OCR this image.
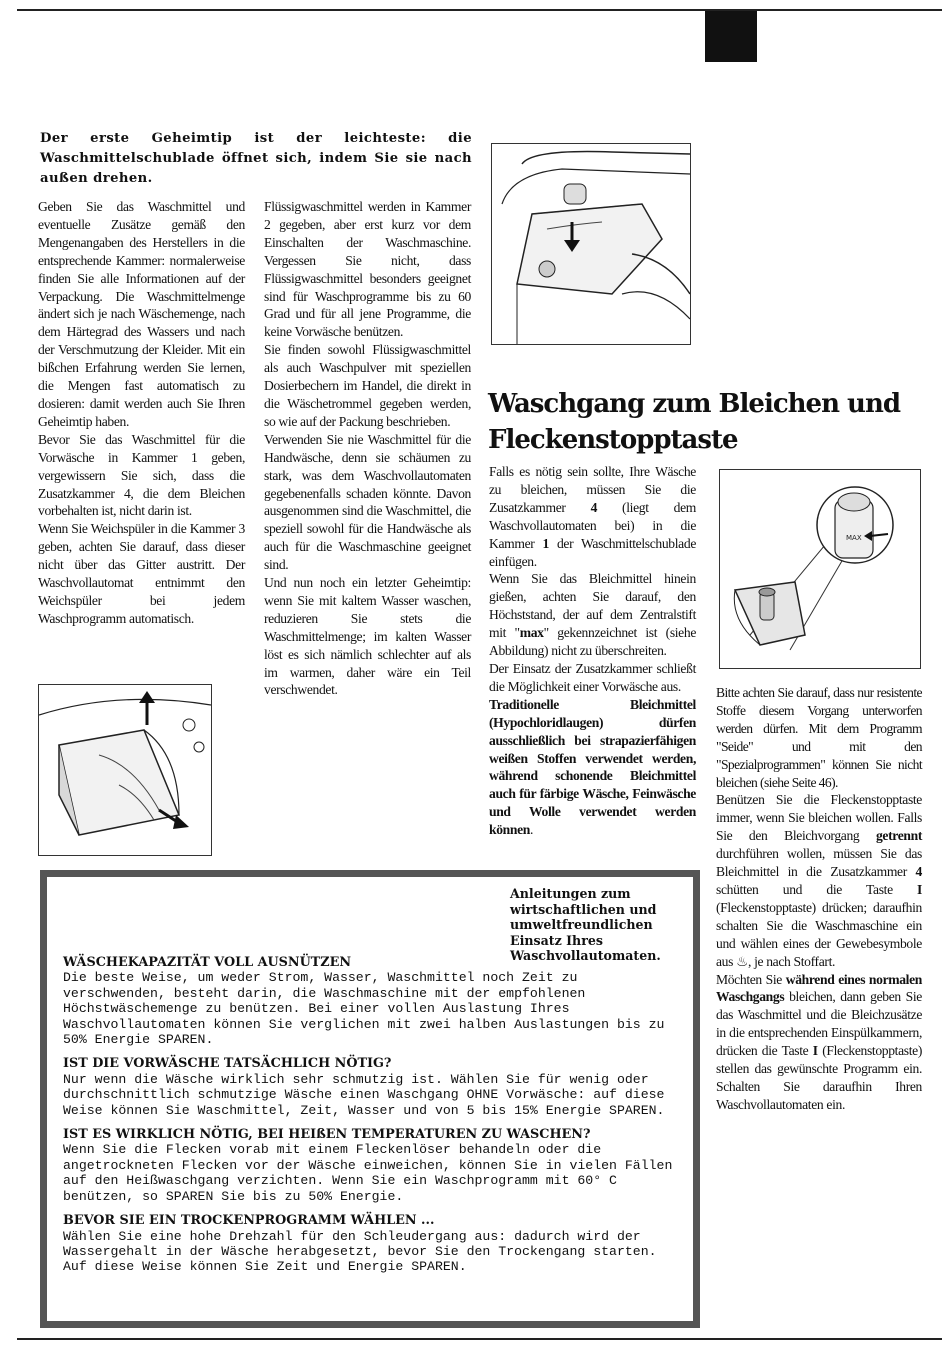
Der erste Geheimtip ist der leichteste: die Waschmittelschublade öffnet sich, indem Sie sie nach außen drehen.

Geben Sie das Waschmittel und eventuelle Zusätze gemäß den Mengenangaben des Herstellers in die entsprechende Kammer: normalerweise finden Sie alle Informationen auf der Verpackung. Die Waschmittelmenge ändert sich je nach Wäschemenge, nach dem Härtegrad des Wassers und nach der Verschmutzung der Kleider. Mit ein bißchen Erfahrung werden Sie lernen, die Mengen fast automatisch zu dosieren: damit werden auch Sie Ihren Geheimtip haben.

Bevor Sie das Waschmittel für die Vorwäsche in Kammer 1 geben, vergewissern Sie sich, dass die Zusatzkammer 4, die dem Bleichen vorbehalten ist, nicht darin ist.

Wenn Sie Weichspüler in die Kammer 3 geben, achten Sie darauf, dass dieser nicht über das Gitter austritt. Der Waschvollautomat entnimmt den Weichspüler bei jedem Waschprogramm automatisch.

Flüssigwaschmittel werden in Kammer 2 gegeben, aber erst kurz vor dem Einschalten der Waschmaschine. Vergessen Sie nicht, dass Flüssigwaschmittel besonders geeignet sind für Waschprogramme bis zu 60 Grad und für all jene Programme, die keine Vorwäsche benützen.

Sie finden sowohl Flüssigwaschmittel als auch Waschpulver mit speziellen Dosierbechern im Handel, die direkt in die Wäschetrommel gegeben werden, so wie auf der Packung beschrieben.

Verwenden Sie nie Waschmittel für die Handwäsche, denn sie schäumen zu stark, was dem Waschvollautomaten gegebenenfalls schaden könnte. Davon ausgenommen sind die Waschmittel, die speziell sowohl für die Handwäsche als auch für die Waschmaschine geeignet sind.

Und nun noch ein letzter Geheimtip: wenn Sie mit kaltem Wasser waschen, reduzieren Sie stets die Waschmittelmenge; im kalten Wasser löst es sich nämlich schlechter auf als im warmen, daher wäre ein Teil verschwendet.

Waschgang zum Bleichen und Fleckenstopptaste

Falls es nötig sein sollte, Ihre Wäsche zu bleichen, müssen Sie die Zusatzkammer 4 (liegt dem Waschvollautomaten bei) in die Kammer 1 der Waschmittelschublade einfügen.

Wenn Sie das Bleichmittel hinein gießen, achten Sie darauf, den Höchststand, der auf dem Zentralstift mit "max" gekennzeichnet ist (siehe Abbildung) nicht zu überschreiten.

Der Einsatz der Zusatzkammer schließt die Möglichkeit einer Vorwäsche aus.

Traditionelle Bleichmittel (Hypochloridlaugen) dürfen ausschließlich bei strapazierfähigen weißen Stoffen verwendet werden, während schonende Bleichmittel auch für färbige Wäsche, Feinwäsche und Wolle verwendet werden können.

MAX

Bitte achten Sie darauf, dass nur resistente Stoffe diesem Vorgang unterworfen werden dürfen. Mit dem Programm "Seide" und mit den "Spezialprogrammen" können Sie nicht bleichen (siehe Seite 46).

Benützen Sie die Fleckenstopptaste immer, wenn Sie bleichen wollen. Falls Sie den Bleichvorgang getrennt durchführen wollen, müssen Sie das Bleichmittel in die Zusatzkammer 4 schütten und die Taste I (Fleckenstopptaste) drücken; daraufhin schalten Sie die Waschmaschine ein und wählen eines der Gewebesymbole aus ♨, je nach Stoffart.

Möchten Sie während eines normalen Waschgangs bleichen, dann geben Sie das Waschmittel und die Bleichzusätze in die entsprechenden Einspülkammern, drücken die Taste I (Fleckenstopptaste) stellen das gewünschte Programm ein. Schalten Sie daraufhin Ihren Waschvollautomaten ein.

Anleitungen zum wirtschaftlichen und umweltfreundlichen Einsatz Ihres Waschvollautomaten.
WÄSCHEKAPAZITÄT VOLL AUSNÜTZEN

Die beste Weise, um weder Strom, Wasser, Waschmittel noch Zeit zu verschwenden, besteht darin, die Waschmaschine mit der empfohlenen Höchstwäschemenge zu benützen. Bei einer vollen Auslastung Ihres Waschvollautomaten können Sie verglichen mit zwei halben Auslastungen bis zu 50% Energie SPAREN.

IST DIE VORWÄSCHE TATSÄCHLICH NÖTIG?

Nur wenn die Wäsche wirklich sehr schmutzig ist. Wählen Sie für wenig oder durchschnittlich schmutzige Wäsche einen Waschgang OHNE Vorwäsche: auf diese Weise können Sie Waschmittel, Zeit, Wasser und von 5 bis 15% Energie SPAREN.

IST ES WIRKLICH NÖTIG, BEI HEIßEN TEMPERATUREN ZU WASCHEN?

Wenn Sie die Flecken vorab mit einem Fleckenlöser behandeln oder die angetrockneten Flecken vor der Wäsche einweichen, können Sie in vielen Fällen auf den Heißwaschgang verzichten. Wenn Sie ein Waschprogramm mit 60° C benützen, so SPAREN Sie bis zu 50% Energie.

BEVOR SIE EIN TROCKENPROGRAMM WÄHLEN ...

Wählen Sie eine hohe Drehzahl für den Schleudergang aus: dadurch wird der Wassergehalt in der Wäsche herabgesetzt, bevor Sie den Trockengang starten. Auf diese Weise können Sie Zeit und Energie SPAREN.
